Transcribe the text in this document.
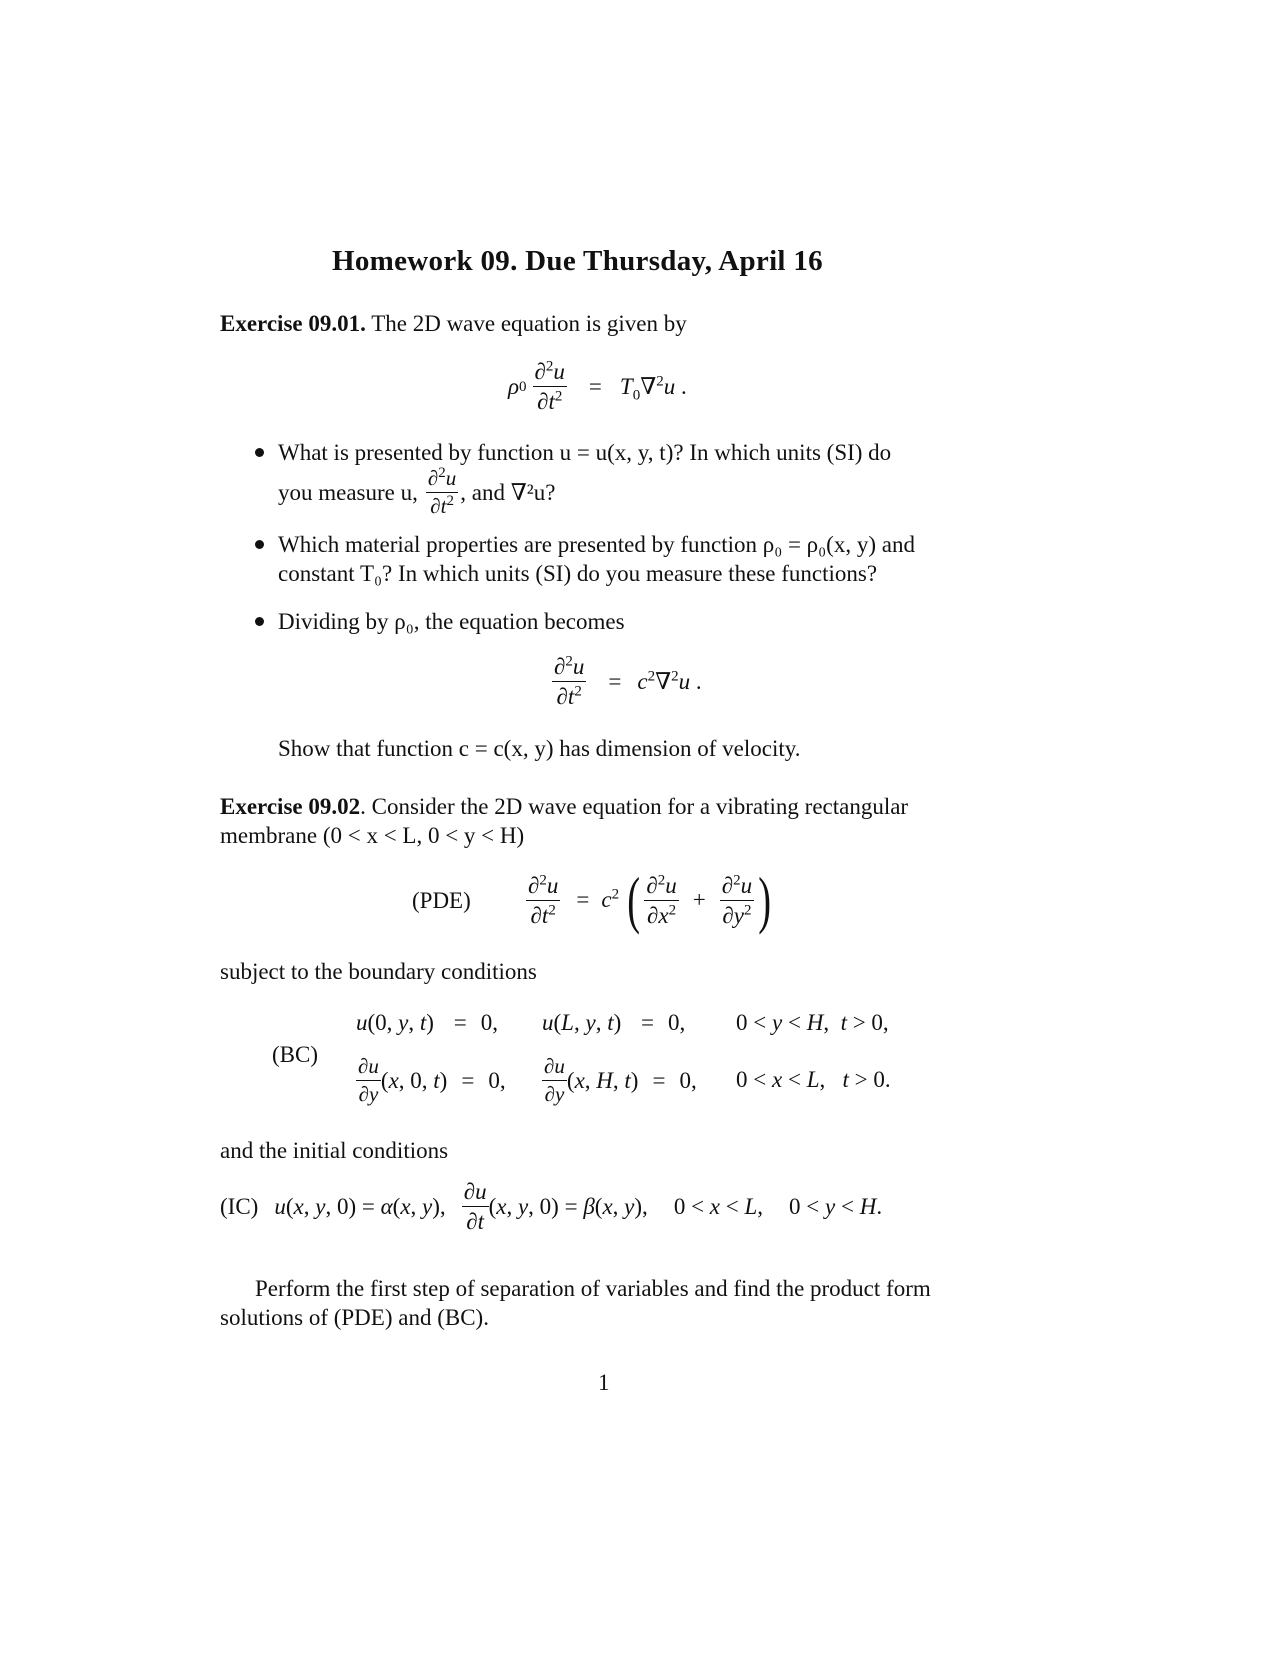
Homework 09. Due Thursday, April 16
Exercise 09.01. The 2D wave equation is given by
ρ $0 \frac{\partial^2u}{\partial t^2} = T_0\nabla^2u$ .
What is presented by function u = u(x, y, t)? In which units (SI) do
you measure u, $\frac{\partial^2u}{\partial t^2}$ , and ∇²u?
Which material properties are presented by function ρ₀ = ρ₀(x, y) and
constant T₀? In which units (SI) do you measure these functions?
Dividing by ρ₀, the equation becomes
$\frac{\partial^2u}{\partial t^2} = c^2\nabla^2u$ .
Show that function c = c(x, y) has dimension of velocity.
Exercise 09.02. Consider the 2D wave equation for a vibrating rectangular
membrane (0 < x < L, 0 < y < H)
$(PDE) \frac{\partial^2u}{\partial t^2} = c^2$ ( $\frac{\partial^2u}{\partial x^2} + \frac{\partial^2u}{\partial y^2}$ )
subject to the boundary conditions
(BC)
u(0, y, t) = 0, u(L, y, t) = 0, 0 < y < H,  t > 0,
$\frac{\partial u}{\partial y} (x$, 0, t) = 0, $\frac{\partial u}{\partial y} (x$, H, t) = 0, 0 < x < L,   t > 0.
and the initial conditions
(IC) u(x, y, 0) = α(x, y), $\frac{\partial u}{\partial t} (x$, y, 0) = β(x, y), 0 < x < L, 0 < y < H.
Perform the first step of separation of variables and find the product form
solutions of (PDE) and (BC).
1
